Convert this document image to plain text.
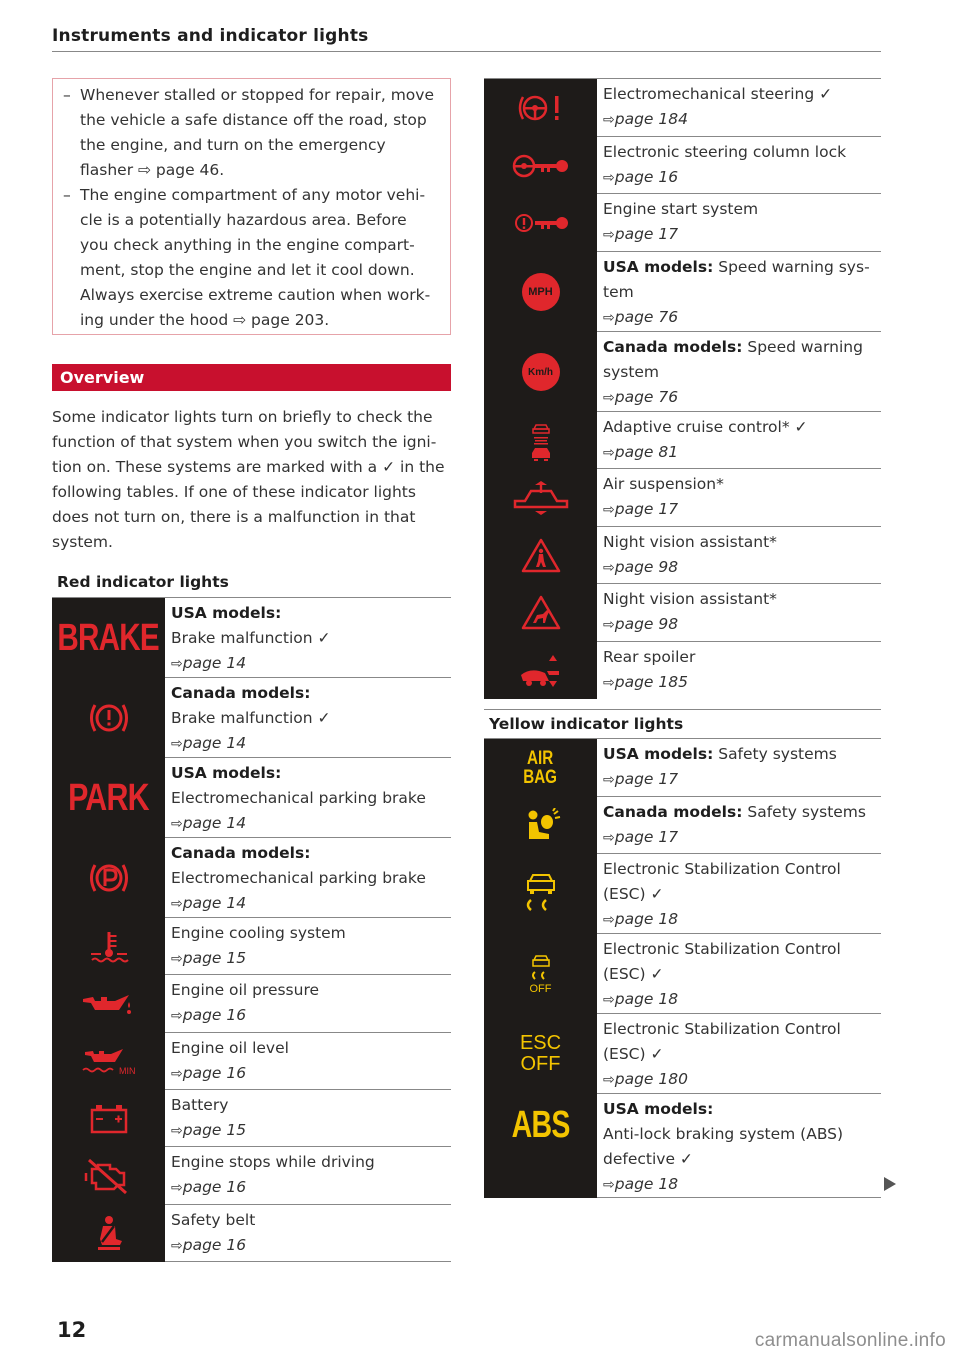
Instruments and indicator lights
– Whenever stalled or stopped for repair, move the vehicle a safe distance off the road, stop the engine, and turn on the emergency flasher ⇨ page 46.
– The engine compartment of any motor vehicle is a potentially hazardous area. Before you check anything in the engine compartment, stop the engine and let it cool down. Always exercise extreme caution when working under the hood ⇨ page 203.
Overview
Some indicator lights turn on briefly to check the function of that system when you switch the ignition on. These systems are marked with a ✓ in the following tables. If one of these indicator lights does not turn on, there is a malfunction in that system.
Red indicator lights
BRAKE
USA models:
Brake malfunction ✓
⇨page 14
Canada models:
Brake malfunction ✓
⇨page 14
PARK
USA models:
Electromechanical parking brake
⇨page 14
Canada models:
Electromechanical parking brake
⇨page 14
Engine cooling system
⇨page 15
Engine oil pressure
⇨page 16
MIN
Engine oil level
⇨page 16
Battery
⇨page 15
Engine stops while driving
⇨page 16
Safety belt
⇨page 16
Electromechanical steering ✓
⇨page 184
Electronic steering column lock
⇨page 16
Engine start system
⇨page 17
MPH
USA models: Speed warning system
⇨page 76
Km/h
Canada models: Speed warning system
⇨page 76
Adaptive cruise control* ✓
⇨page 81
Air suspension*
⇨page 17
Night vision assistant*
⇨page 98
Night vision assistant*
⇨page 98
Rear spoiler
⇨page 185
Yellow indicator lights
AIR
BAG
USA models: Safety systems
⇨page 17
Canada models: Safety systems
⇨page 17
Electronic Stabilization Control (ESC) ✓
⇨page 18
OFF
Electronic Stabilization Control (ESC) ✓
⇨page 18
ESC
OFF
Electronic Stabilization Control (ESC) ✓
⇨page 180
ABS USA models:
Anti-lock braking system (ABS) defective ✓
⇨page 18
12	carmanualsonline.info
